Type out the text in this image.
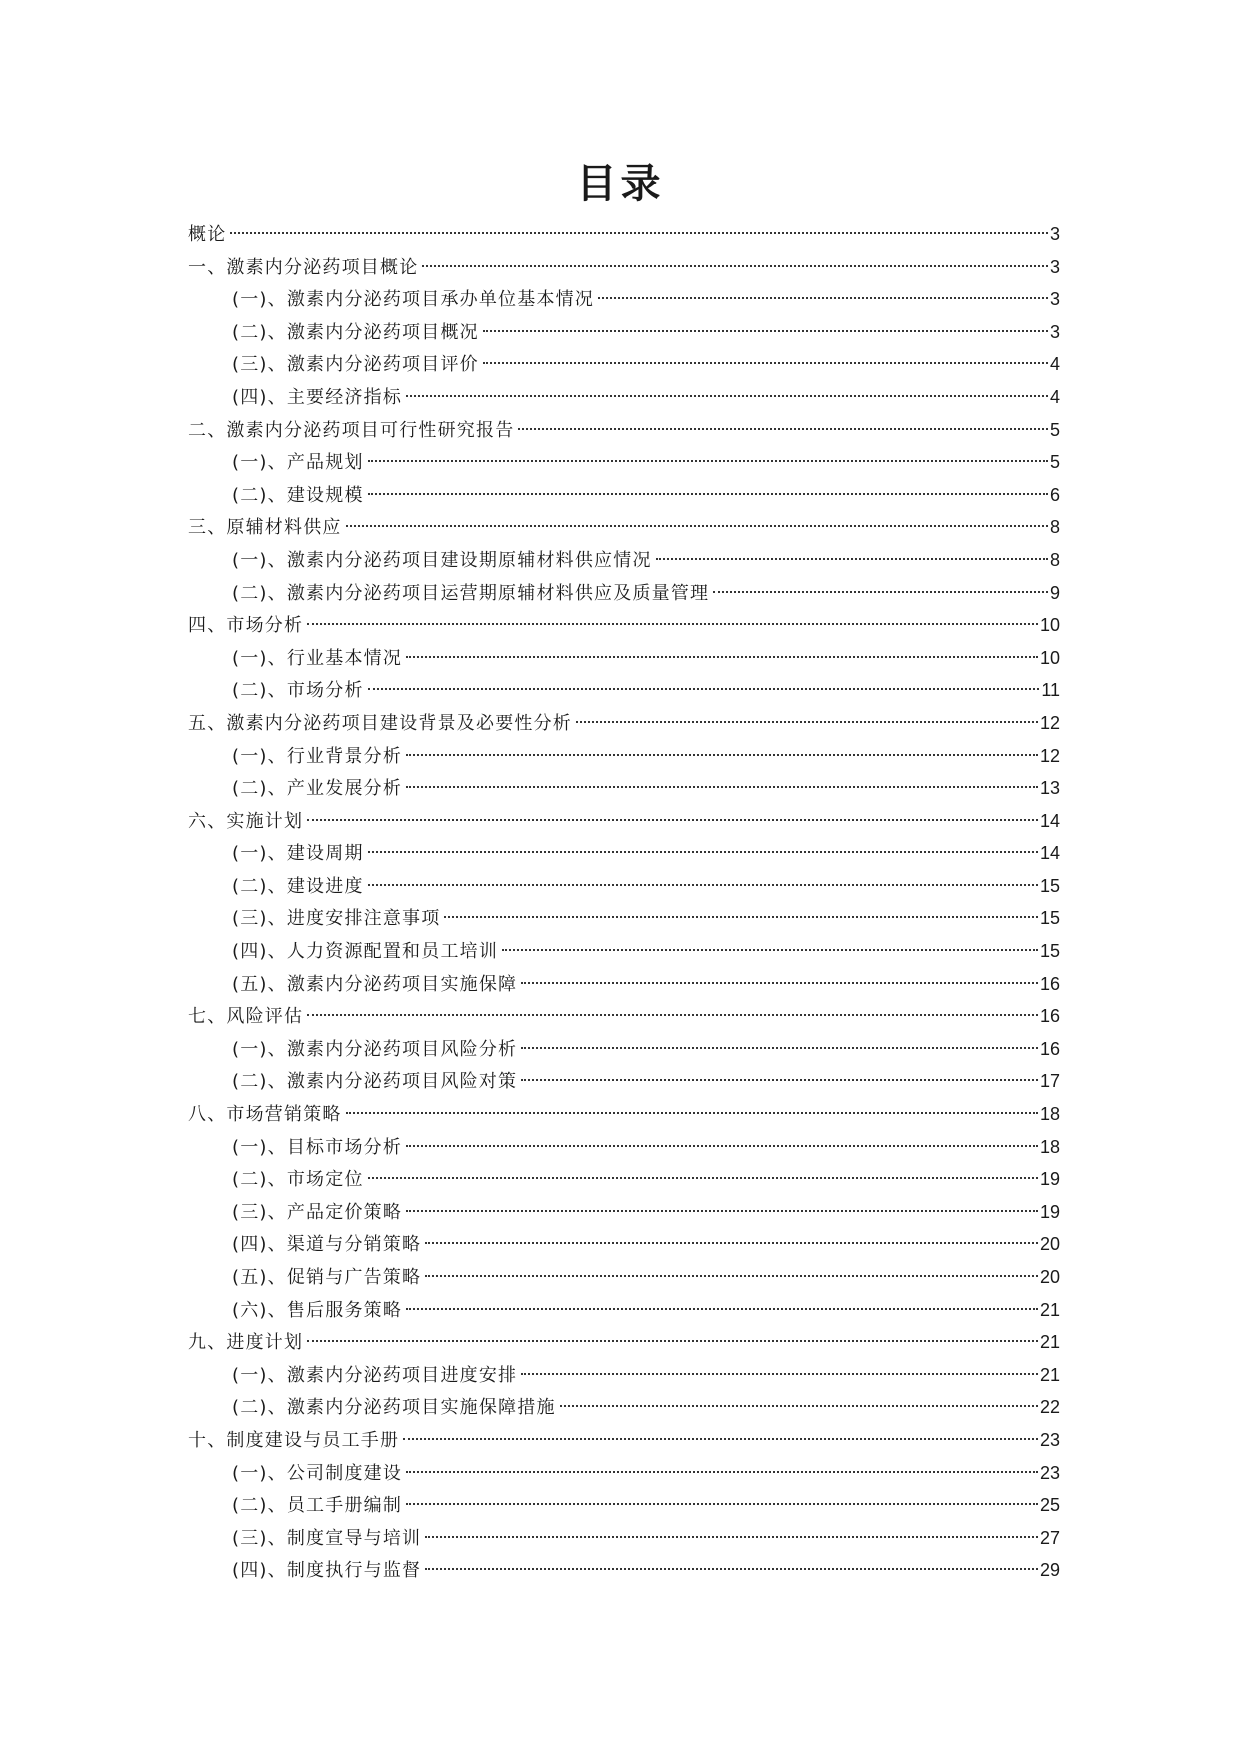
目录
概论	3
一、激素内分泌药项目概论	3
(一)、激素内分泌药项目承办单位基本情况	3
(二)、激素内分泌药项目概况	3
(三)、激素内分泌药项目评价	4
(四)、主要经济指标	4
二、激素内分泌药项目可行性研究报告	5
(一)、产品规划	5
(二)、建设规模	6
三、原辅材料供应	8
(一)、激素内分泌药项目建设期原辅材料供应情况	8
(二)、激素内分泌药项目运营期原辅材料供应及质量管理	9
四、市场分析	10
(一)、行业基本情况	10
(二)、市场分析	11
五、激素内分泌药项目建设背景及必要性分析	12
(一)、行业背景分析	12
(二)、产业发展分析	13
六、实施计划	14
(一)、建设周期	14
(二)、建设进度	15
(三)、进度安排注意事项	15
(四)、人力资源配置和员工培训	15
(五)、激素内分泌药项目实施保障	16
七、风险评估	16
(一)、激素内分泌药项目风险分析	16
(二)、激素内分泌药项目风险对策	17
八、市场营销策略	18
(一)、目标市场分析	18
(二)、市场定位	19
(三)、产品定价策略	19
(四)、渠道与分销策略	20
(五)、促销与广告策略	20
(六)、售后服务策略	21
九、进度计划	21
(一)、激素内分泌药项目进度安排	21
(二)、激素内分泌药项目实施保障措施	22
十、制度建设与员工手册	23
(一)、公司制度建设	23
(二)、员工手册编制	25
(三)、制度宣导与培训	27
(四)、制度执行与监督	29
